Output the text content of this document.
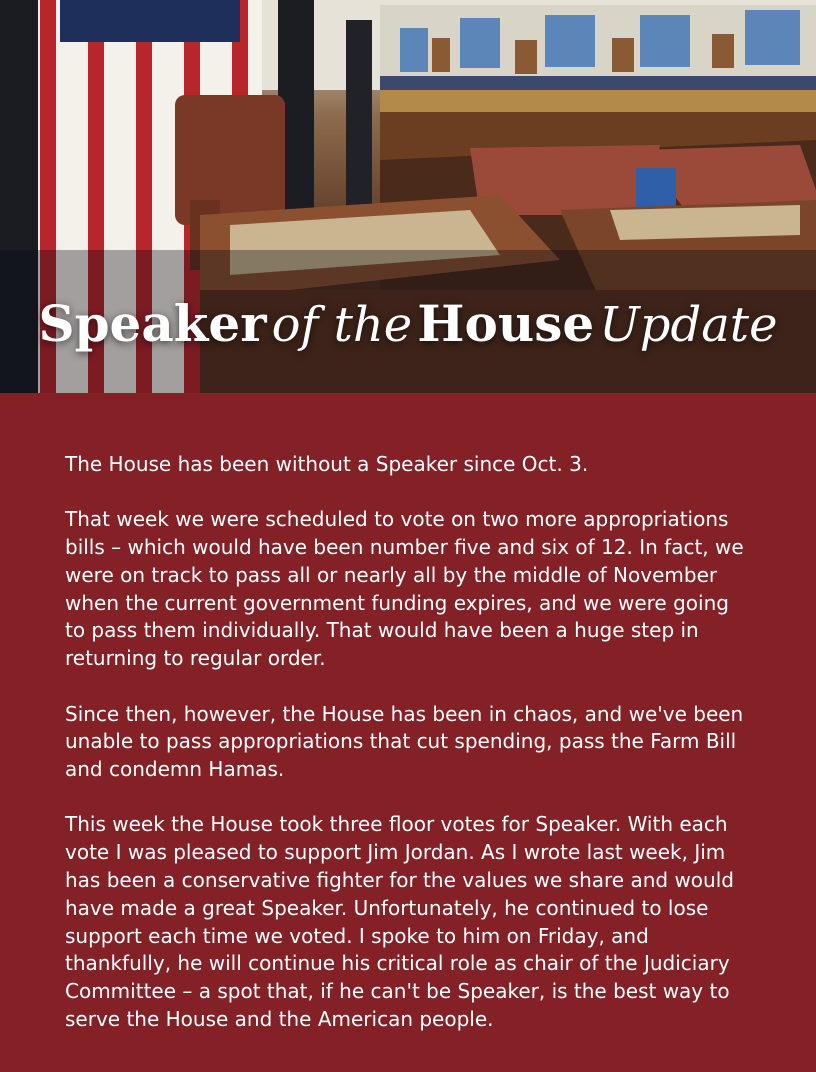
Speaker of the House Update

The House has been without a Speaker since Oct. 3.

That week we were scheduled to vote on two more appropriations bills – which would have been number five and six of 12. In fact, we were on track to pass all or nearly all by the middle of November when the current government funding expires, and we were going to pass them individually. That would have been a huge step in returning to regular order.

Since then, however, the House has been in chaos, and we've been unable to pass appropriations that cut spending, pass the Farm Bill and condemn Hamas.

This week the House took three floor votes for Speaker. With each vote I was pleased to support Jim Jordan. As I wrote last week, Jim has been a conservative fighter for the values we share and would have made a great Speaker. Unfortunately, he continued to lose support each time we voted. I spoke to him on Friday, and thankfully, he will continue his critical role as chair of the Judiciary Committee – a spot that, if he can't be Speaker, is the best way to serve the House and the American people.
